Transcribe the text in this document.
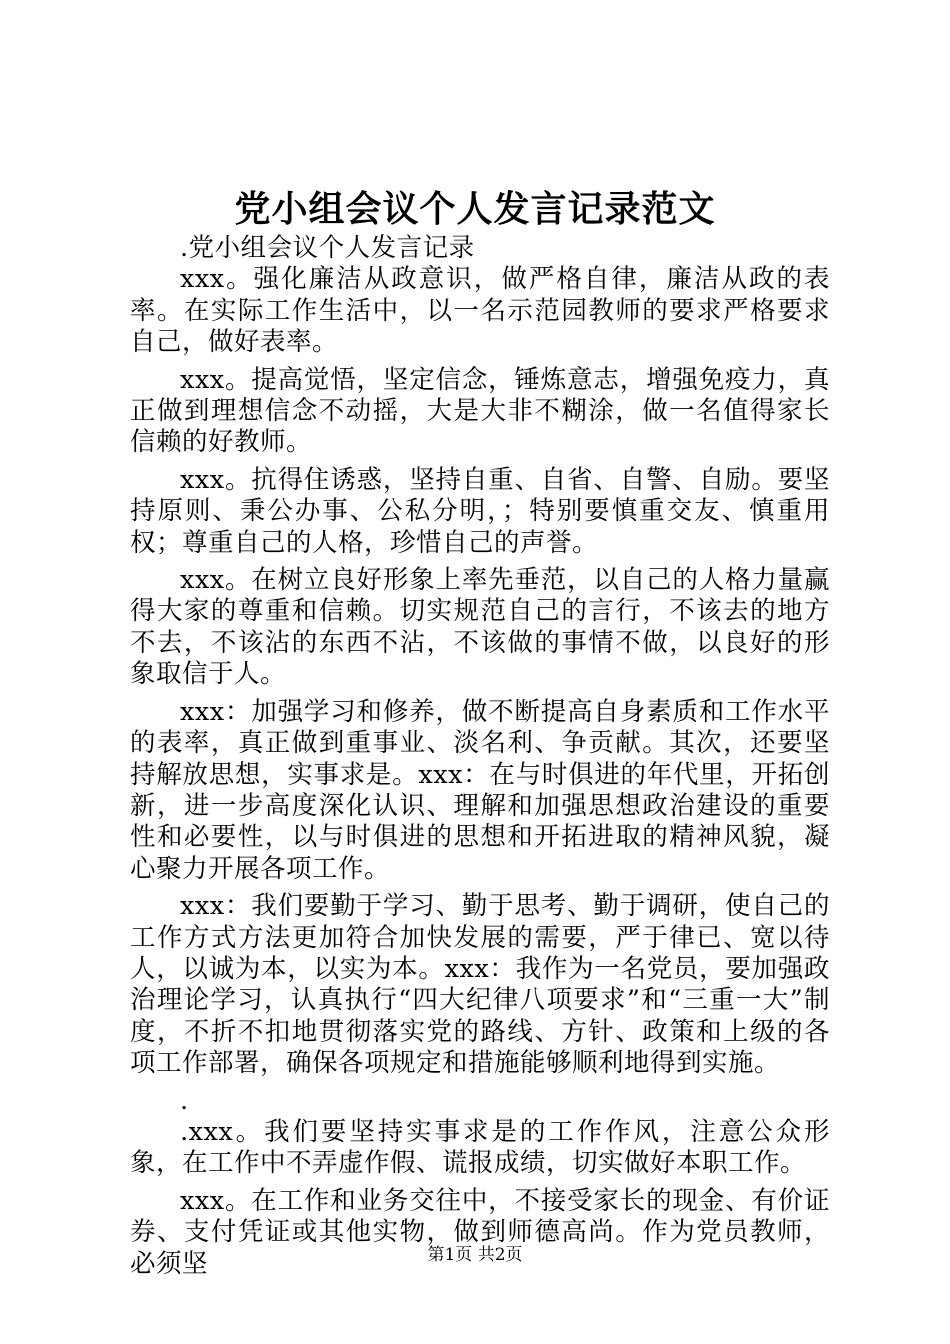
党小组会议个人发言记录范文

.党小组会议个人发言记录

xxx。强化廉洁从政意识，做严格自律，廉洁从政的表率。在实际工作生活中，以一名示范园教师的要求严格要求自己，做好表率。

xxx。提高觉悟，坚定信念，锤炼意志，增强免疫力，真正做到理想信念不动摇，大是大非不糊涂，做一名值得家长信赖的好教师。

xxx。抗得住诱惑，坚持自重、自省、自警、自励。要坚持原则、秉公办事、公私分明，；特别要慎重交友、慎重用权；尊重自己的人格，珍惜自己的声誉。

xxx。在树立良好形象上率先垂范，以自己的人格力量赢得大家的尊重和信赖。切实规范自己的言行，不该去的地方不去，不该沾的东西不沾，不该做的事情不做，以良好的形象取信于人。

xxx：加强学习和修养，做不断提高自身素质和工作水平的表率，真正做到重事业、淡名利、争贡献。其次，还要坚持解放思想，实事求是。xxx：在与时俱进的年代里，开拓创新，进一步高度深化认识、理解和加强思想政治建设的重要性和必要性，以与时俱进的思想和开拓进取的精神风貌，凝心聚力开展各项工作。

xxx：我们要勤于学习、勤于思考、勤于调研，使自己的工作方式方法更加符合加快发展的需要，严于律已、宽以待人，以诚为本，以实为本。xxx：我作为一名党员，要加强政治理论学习，认真执行“四大纪律八项要求”和“三重一大”制度，不折不扣地贯彻落实党的路线、方针、政策和上级的各项工作部署，确保各项规定和措施能够顺利地得到实施。

.

.xxx。我们要坚持实事求是的工作作风，注意公众形象，在工作中不弄虚作假、谎报成绩，切实做好本职工作。

xxx。在工作和业务交往中，不接受家长的现金、有价证券、支付凭证或其他实物，做到师德高尚。作为党员教师，必须坚	第1页 共2页
